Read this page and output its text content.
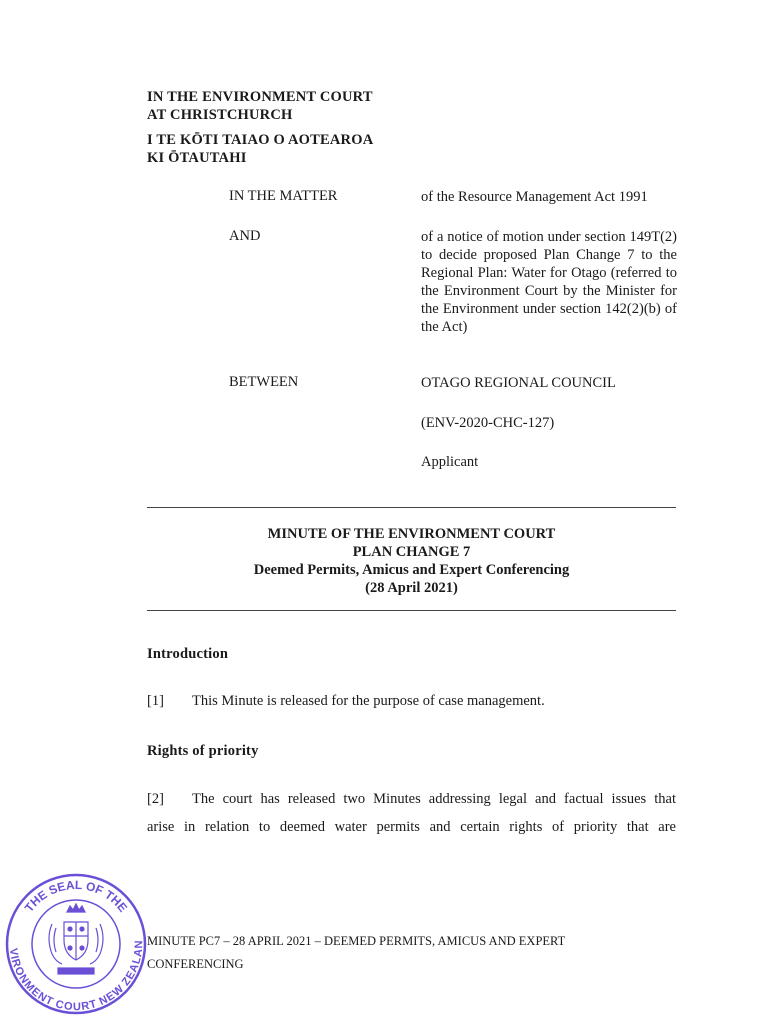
IN THE ENVIRONMENT COURT
AT CHRISTCHURCH
I TE KŌTI TAIAO O AOTEAROA
KI ŌTAUTAHI
IN THE MATTER	of the Resource Management Act 1991
AND	of a notice of motion under section 149T(2) to decide proposed Plan Change 7 to the Regional Plan: Water for Otago (referred to the Environment Court by the Minister for the Environment under section 142(2)(b) of the Act)
BETWEEN	OTAGO REGIONAL COUNCIL
(ENV-2020-CHC-127)
Applicant
MINUTE OF THE ENVIRONMENT COURT
PLAN CHANGE 7
Deemed Permits, Amicus and Expert Conferencing
(28 April 2021)
Introduction
[1] This Minute is released for the purpose of case management.
Rights of priority
[2] The court has released two Minutes addressing legal and factual issues that
arise in relation to deemed water permits and certain rights of priority that are
THE SEAL OF THE
VIRONMENT COURT NEW ZEALAN MINUTE PC7 – 28 APRIL 2021 – DEEMED PERMITS, AMICUS AND EXPERT
CONFERENCING
